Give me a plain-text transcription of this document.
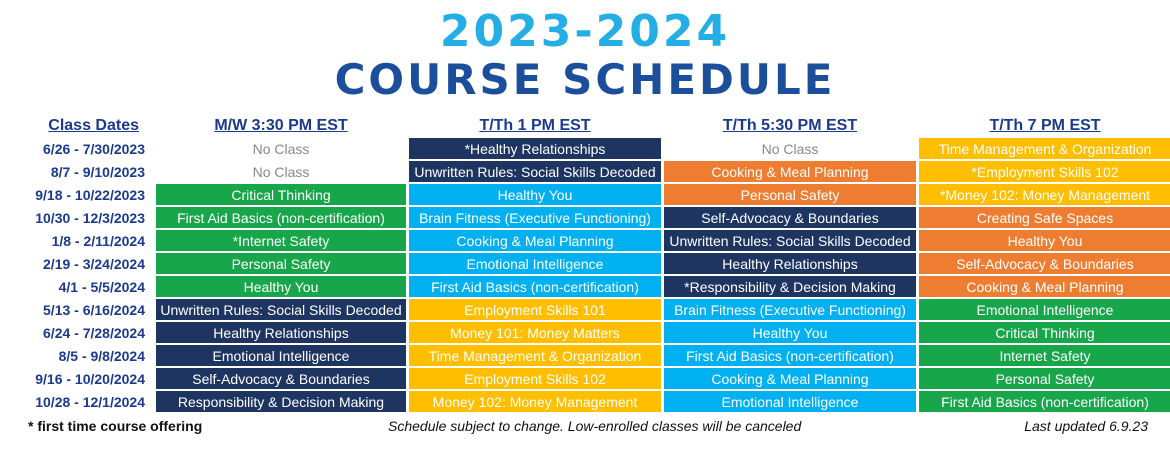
2023-2024
COURSE SCHEDULE
Class Dates	M/W 3:30 PM EST	T/Th 1 PM EST	T/Th 5:30 PM EST	T/Th 7 PM EST
6/26 - 7/30/2023	No Class	*Healthy Relationships	No Class	Time Management & Organization
8/7 - 9/10/2023	No Class	Unwritten Rules: Social Skills Decoded	Cooking & Meal Planning	*Employment Skills 102
9/18 - 10/22/2023	Critical Thinking	Healthy You	Personal Safety	*Money 102: Money Management
10/30 - 12/3/2023	First Aid Basics (non-certification)	Brain Fitness (Executive Functioning)	Self-Advocacy & Boundaries	Creating Safe Spaces
1/8 - 2/11/2024	*Internet Safety	Cooking & Meal Planning	Unwritten Rules: Social Skills Decoded	Healthy You
2/19 - 3/24/2024	Personal Safety	Emotional Intelligence	Healthy Relationships	Self-Advocacy & Boundaries
4/1 - 5/5/2024	Healthy You	First Aid Basics (non-certification)	*Responsibility & Decision Making	Cooking & Meal Planning
5/13 - 6/16/2024	Unwritten Rules: Social Skills Decoded	Employment Skills 101	Brain Fitness (Executive Functioning)	Emotional Intelligence
6/24 - 7/28/2024	Healthy Relationships	Money 101: Money Matters	Healthy You	Critical Thinking
8/5 - 9/8/2024	Emotional Intelligence	Time Management & Organization	First Aid Basics (non-certification)	Internet Safety
9/16 - 10/20/2024	Self-Advocacy & Boundaries	Employment Skills 102	Cooking & Meal Planning	Personal Safety
10/28 - 12/1/2024	Responsibility & Decision Making	Money 102: Money Management	Emotional Intelligence	First Aid Basics (non-certification)
* first time course offering	Schedule subject to change. Low-enrolled classes will be canceled	Last updated 6.9.23
